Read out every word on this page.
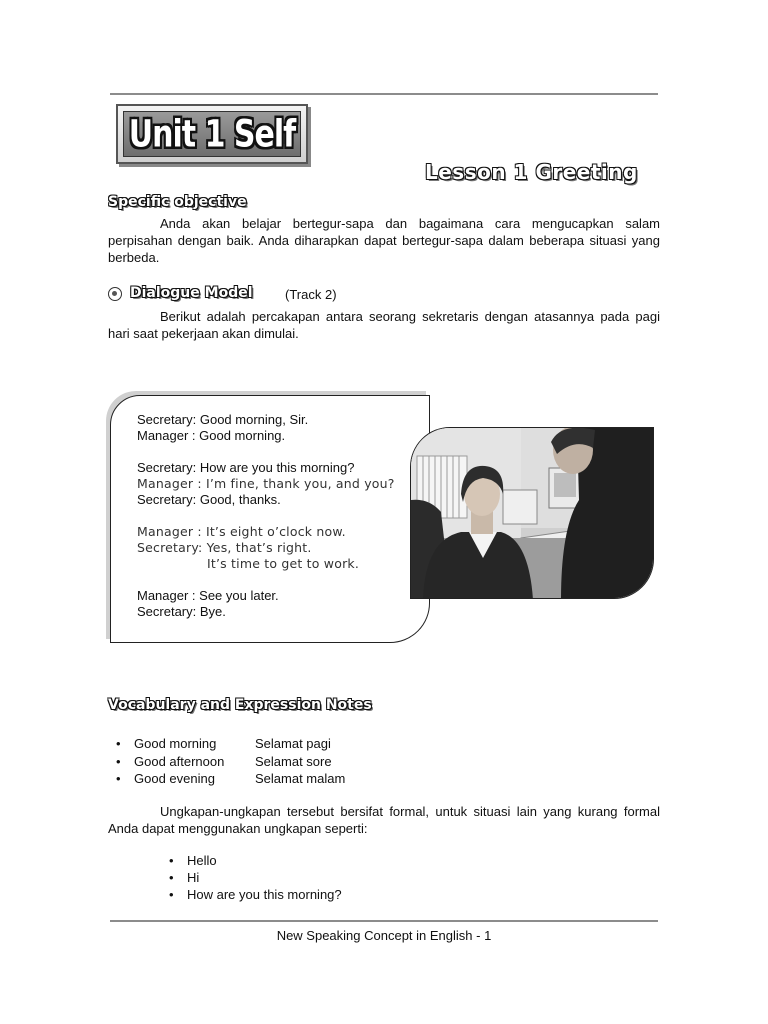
Unit 1 Self
Lesson 1 Greeting
Specific objective
Anda akan belajar bertegur-sapa dan bagaimana cara mengucapkan salam perpisahan dengan baik. Anda diharapkan dapat bertegur-sapa dalam beberapa situasi yang berbeda.
Dialogue Model (Track 2)
Berikut adalah percakapan antara seorang sekretaris dengan atasannya pada pagi hari saat pekerjaan akan dimulai.
Secretary: Good morning, Sir.
Manager : Good morning.
Secretary: How are you this morning?
Manager : I’m fine, thank you, and you?
Secretary: Good, thanks.
Manager : It’s eight o’clock now.
Secretary: Yes, that’s right.
It’s time to get to work.
Manager : See you later.
Secretary: Bye.
Vocabulary and Expression Notes
•	Good morning	Selamat pagi
•	Good afternoon	Selamat sore
•	Good evening	Selamat malam
Ungkapan-ungkapan tersebut bersifat formal, untuk situasi lain yang kurang formal Anda dapat menggunakan ungkapan seperti:
•	Hello
•	Hi
•	How are you this morning?
New Speaking Concept in English - 1
